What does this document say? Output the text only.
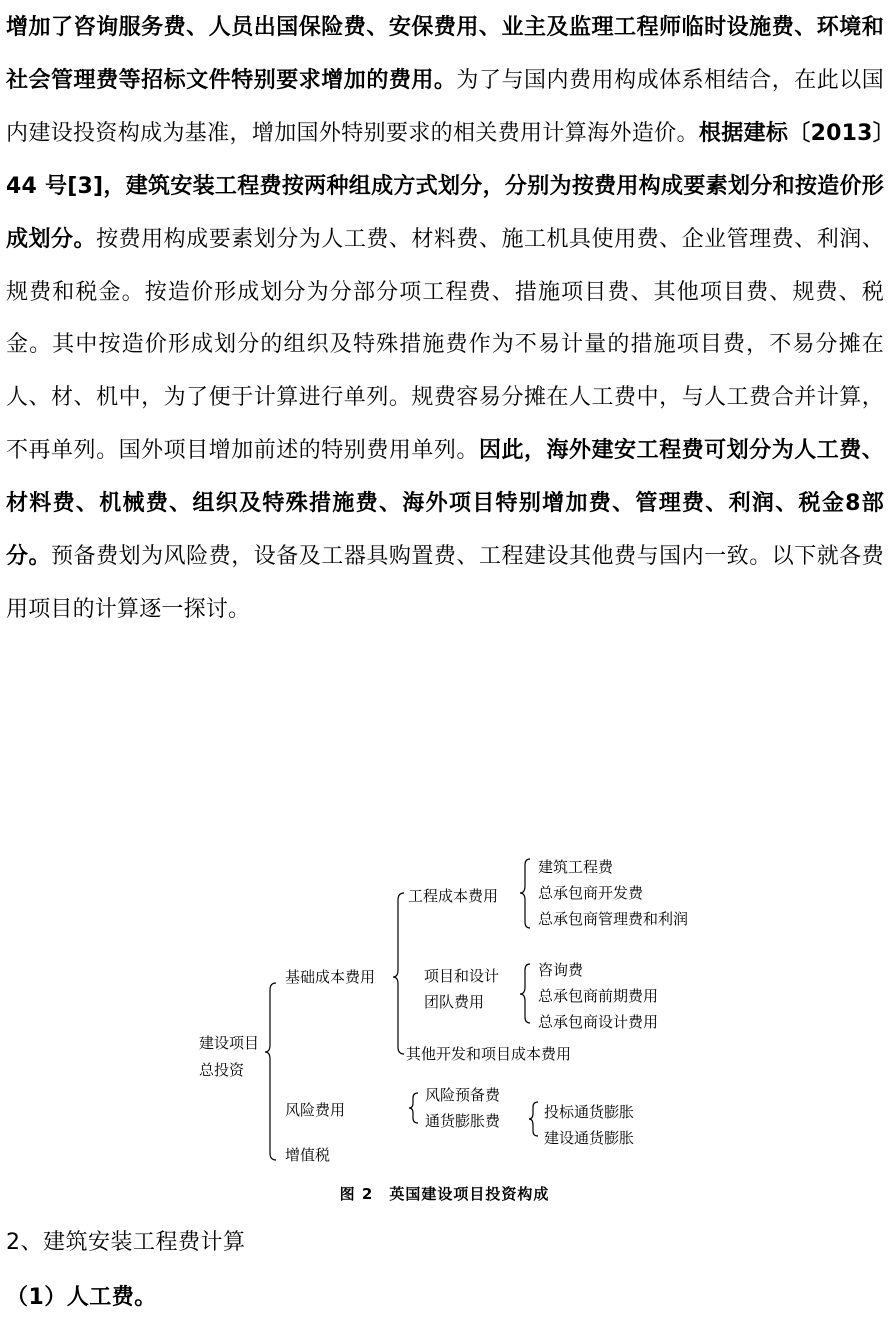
增加了咨询服务费、人员出国保险费、安保费用、业主及监理工程师临时设施费、环境和社会管理费等招标文件特别要求增加的费用。为了与国内费用构成体系相结合，在此以国内建设投资构成为基准，增加国外特别要求的相关费用计算海外造价。根据建标〔2013〕44 号[3]，建筑安装工程费按两种组成方式划分，分别为按费用构成要素划分和按造价形成划分。按费用构成要素划分为人工费、材料费、施工机具使用费、企业管理费、利润、规费和税金。按造价形成划分为分部分项工程费、措施项目费、其他项目费、规费、税金。其中按造价形成划分的组织及特殊措施费作为不易计量的措施项目费，不易分摊在人、材、机中，为了便于计算进行单列。规费容易分摊在人工费中，与人工费合并计算，不再单列。国外项目增加前述的特别费用单列。因此，海外建安工程费可划分为人工费、材料费、机械费、组织及特殊措施费、海外项目特别增加费、管理费、利润、税金8部分。预备费划为风险费，设备及工器具购置费、工程建设其他费与国内一致。以下就各费用项目的计算逐一探讨。
建设项目
总投资
基础成本费用
风险费用
增值税
工程成本费用
项目和设计
团队费用
其他开发和项目成本费用
建筑工程费
总承包商开发费
总承包商管理费和利润
咨询费
总承包商前期费用
总承包商设计费用
风险预备费
通货膨胀费	投标通货膨胀
建设通货膨胀
图 2　英国建设项目投资构成
2、建筑安装工程费计算
（1）人工费。
